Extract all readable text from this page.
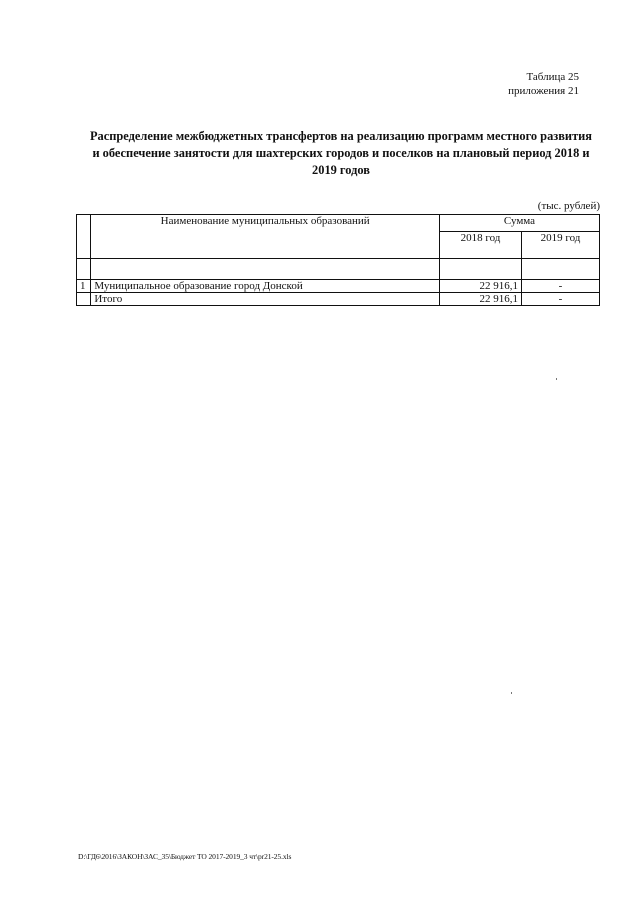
Таблица 25
приложения 21
Распределение межбюджетных трансфертов на реализацию программ местного развития
и обеспечение занятости для шахтерских городов и поселков на плановый период 2018 и
2019 годов
(тыс. рублей)
	Наименование муниципальных образований	Сумма	
		2018 год	2019 год

1	Муниципальное образование город Донской	22 916,1	-
	Итого	22 916,1	-
D:\ГД6\2016\ЗАКОН\ЗАС_35\Бюджет ТО 2017-2019_3 чт\pr21-25.xls
